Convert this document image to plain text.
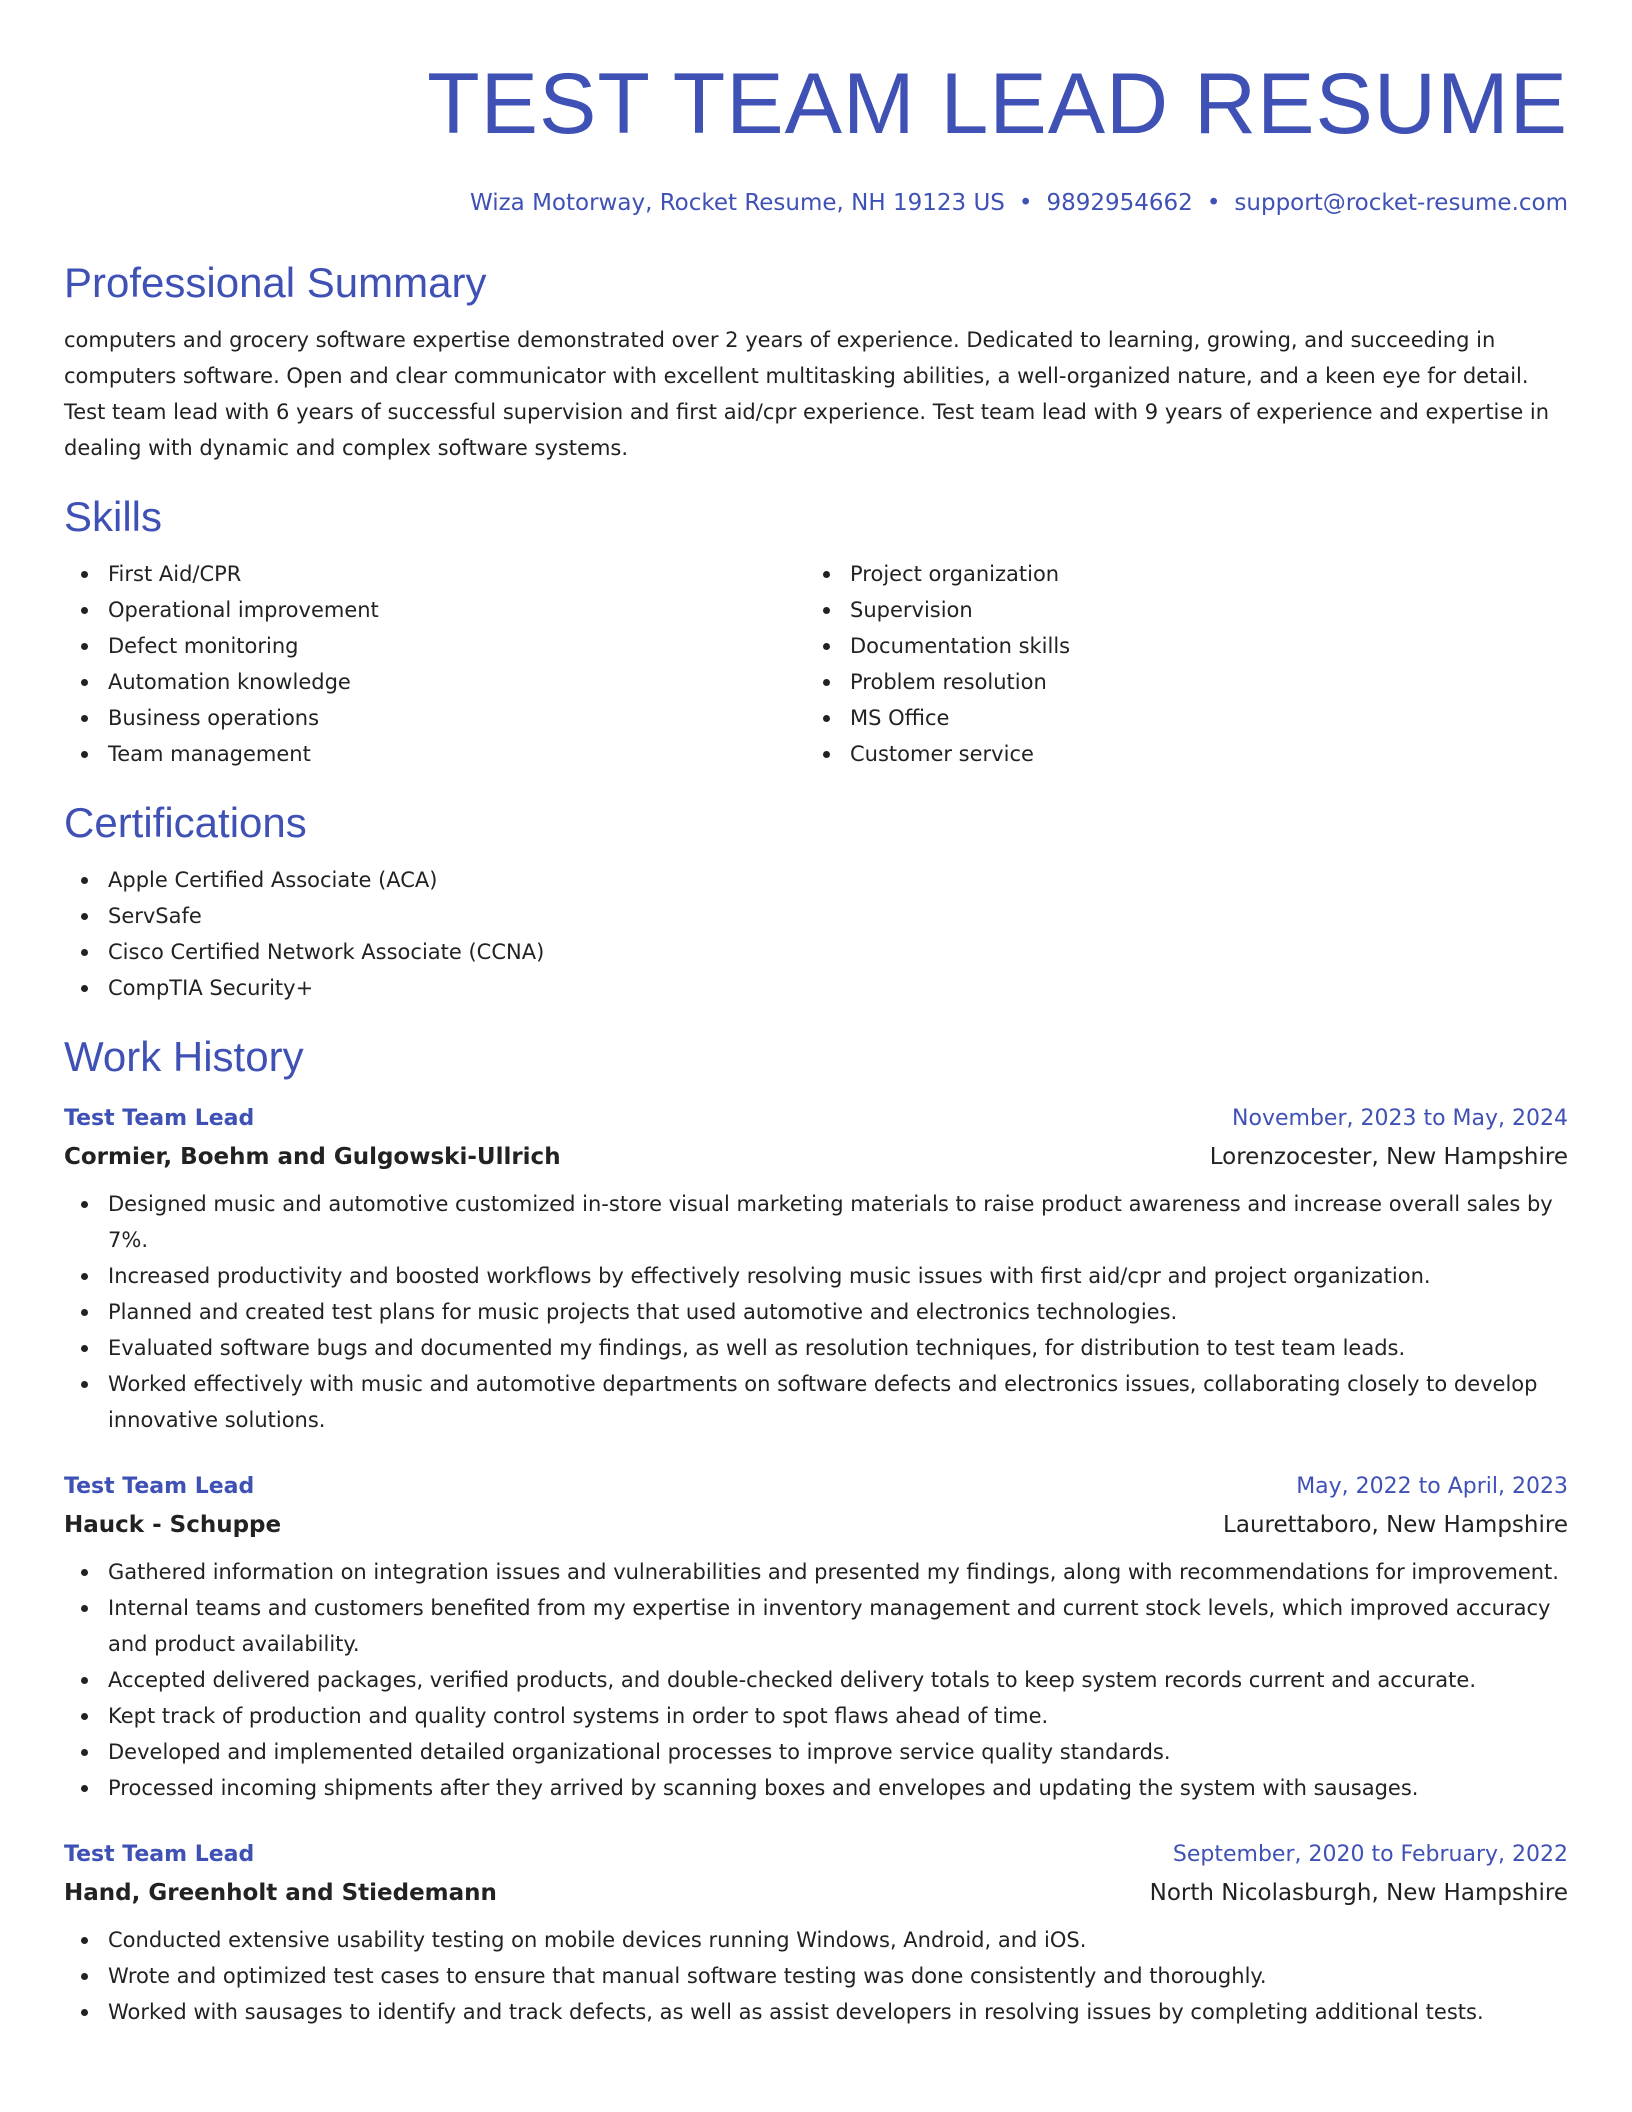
TEST TEAM LEAD RESUME
Wiza Motorway, Rocket Resume, NH 19123 US • 9892954662 • support@rocket-resume.com
Professional Summary

computers and grocery software expertise demonstrated over 2 years of experience. Dedicated to learning, growing, and succeeding in computers software. Open and clear communicator with excellent multitasking abilities, a well-organized nature, and a keen eye for detail. Test team lead with 6 years of successful supervision and first aid/cpr experience. Test team lead with 9 years of experience and expertise in dealing with dynamic and complex software systems.

Skills
First Aid/CPR
Operational improvement
Defect monitoring
Automation knowledge
Business operations
Team management
Project organization
Supervision
Documentation skills
Problem resolution
MS Office
Customer service
Certifications
Apple Certified Associate (ACA)
ServSafe
Cisco Certified Network Associate (CCNA)
CompTIA Security+
Work History
Test Team Lead	November, 2023 to May, 2024
Cormier, Boehm and Gulgowski-Ullrich	Lorenzocester, New Hampshire
Designed music and automotive customized in-store visual marketing materials to raise product awareness and increase overall sales by 7%.
Increased productivity and boosted workflows by effectively resolving music issues with first aid/cpr and project organization.
Planned and created test plans for music projects that used automotive and electronics technologies.
Evaluated software bugs and documented my findings, as well as resolution techniques, for distribution to test team leads.
Worked effectively with music and automotive departments on software defects and electronics issues, collaborating closely to develop innovative solutions.
Test Team Lead	May, 2022 to April, 2023
Hauck - Schuppe	Laurettaboro, New Hampshire
Gathered information on integration issues and vulnerabilities and presented my findings, along with recommendations for improvement.
Internal teams and customers benefited from my expertise in inventory management and current stock levels, which improved accuracy and product availability.
Accepted delivered packages, verified products, and double-checked delivery totals to keep system records current and accurate.
Kept track of production and quality control systems in order to spot flaws ahead of time.
Developed and implemented detailed organizational processes to improve service quality standards.
Processed incoming shipments after they arrived by scanning boxes and envelopes and updating the system with sausages.
Test Team Lead	September, 2020 to February, 2022
Hand, Greenholt and Stiedemann	North Nicolasburgh, New Hampshire
Conducted extensive usability testing on mobile devices running Windows, Android, and iOS.
Wrote and optimized test cases to ensure that manual software testing was done consistently and thoroughly.
Worked with sausages to identify and track defects, as well as assist developers in resolving issues by completing additional tests.
